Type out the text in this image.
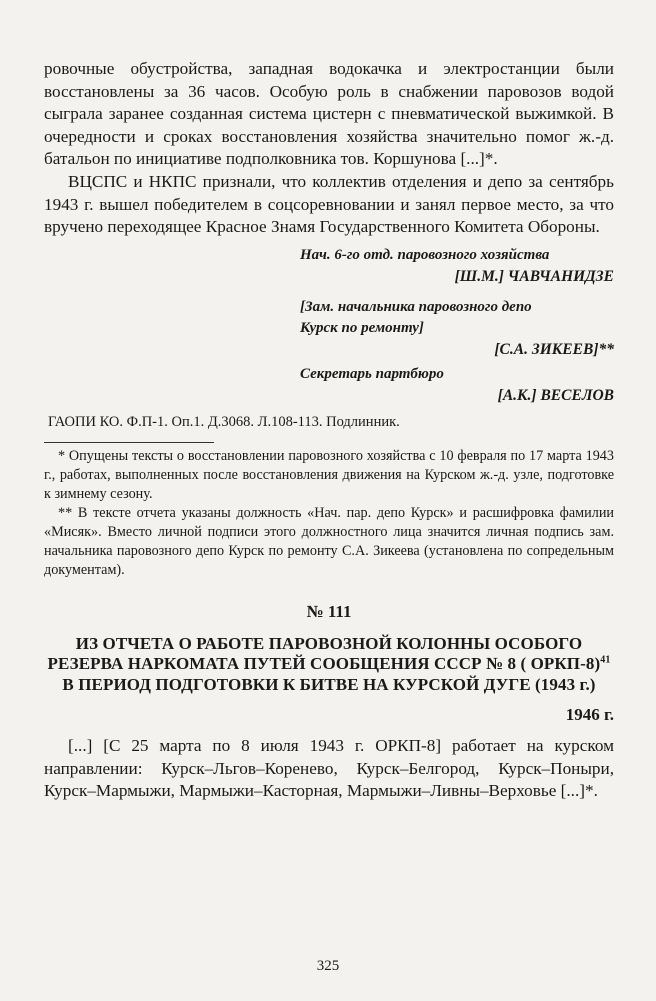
ровочные обустройства, западная водокачка и электростанции были восстановлены за 36 часов. Особую роль в снабжении паровозов водой сыграла заранее созданная система цистерн с пневматической выжимкой. В очередности и сроках восстановления хозяйства значительно помог ж.-д. батальон по инициативе подполковника тов. Коршунова [...]*.

ВЦСПС и НКПС признали, что коллектив отделения и депо за сентябрь 1943 г. вышел победителем в соцсоревновании и занял первое место, за что вручено переходящее Красное Знамя Государственного Комитета Обороны.

Нач. 6-го отд. паровозного хозяйства

[Ш.М.] ЧАВЧАНИДЗЕ

[Зам. начальника паровозного депо Курск по ремонту]

[С.А. ЗИКЕЕВ]**

Секретарь партбюро

[А.К.] ВЕСЕЛОВ

ГАОПИ КО. Ф.П-1. Оп.1. Д.3068. Л.108-113. Подлинник.

* Опущены тексты о восстановлении паровозного хозяйства с 10 февраля по 17 марта 1943 г., работах, выполненных после восстановления движения на Курском ж.-д. узле, подготовке к зимнему сезону.

** В тексте отчета указаны должность «Нач. пар. депо Курск» и расшифровка фамилии «Мисяк». Вместо личной подписи этого должностного лица значится личная подпись зам. начальника паровозного депо Курск по ремонту С.А. Зикеева (установлена по сопредельным документам).

№ 111

ИЗ ОТЧЕТА О РАБОТЕ ПАРОВОЗНОЙ КОЛОННЫ ОСОБОГО РЕЗЕРВА НАРКОМАТА ПУТЕЙ СООБЩЕНИЯ СССР № 8 ( ОРКП-8)$^{41}$ В ПЕРИОД ПОДГОТОВКИ К БИТВЕ НА КУРСКОЙ ДУГЕ (1943 г.)

1946 г.

[...] [С 25 марта по 8 июля 1943 г. ОРКП-8] работает на курском направлении: Курск–Льгов–Коренево, Курск–Белгород, Курск–Поныри, Курск–Мармыжи, Мармыжи–Касторная, Мармыжи–Ливны–Верховье [...]*.

325
